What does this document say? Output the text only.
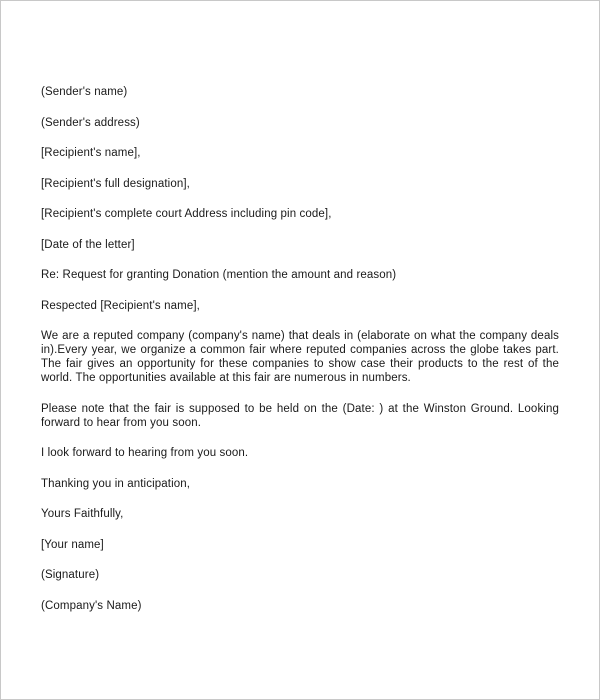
(Sender's name)

(Sender's address)

[Recipient's name],

[Recipient's full designation],

[Recipient's complete court Address including pin code],

[Date of the letter]

Re: Request for granting Donation (mention the amount and reason)

Respected [Recipient's name],

We are a reputed company (company's name) that deals in (elaborate on what the company deals in).Every year, we organize a common fair where reputed companies across the globe takes part. The fair gives an opportunity for these companies to show case their products to the rest of the world. The opportunities available at this fair are numerous in numbers.

Please note that the fair is supposed to be held on the (Date: ) at the Winston Ground. Looking forward to hear from you soon.

I look forward to hearing from you soon.

Thanking you in anticipation,

Yours Faithfully,

[Your name]

(Signature)

(Company's Name)
